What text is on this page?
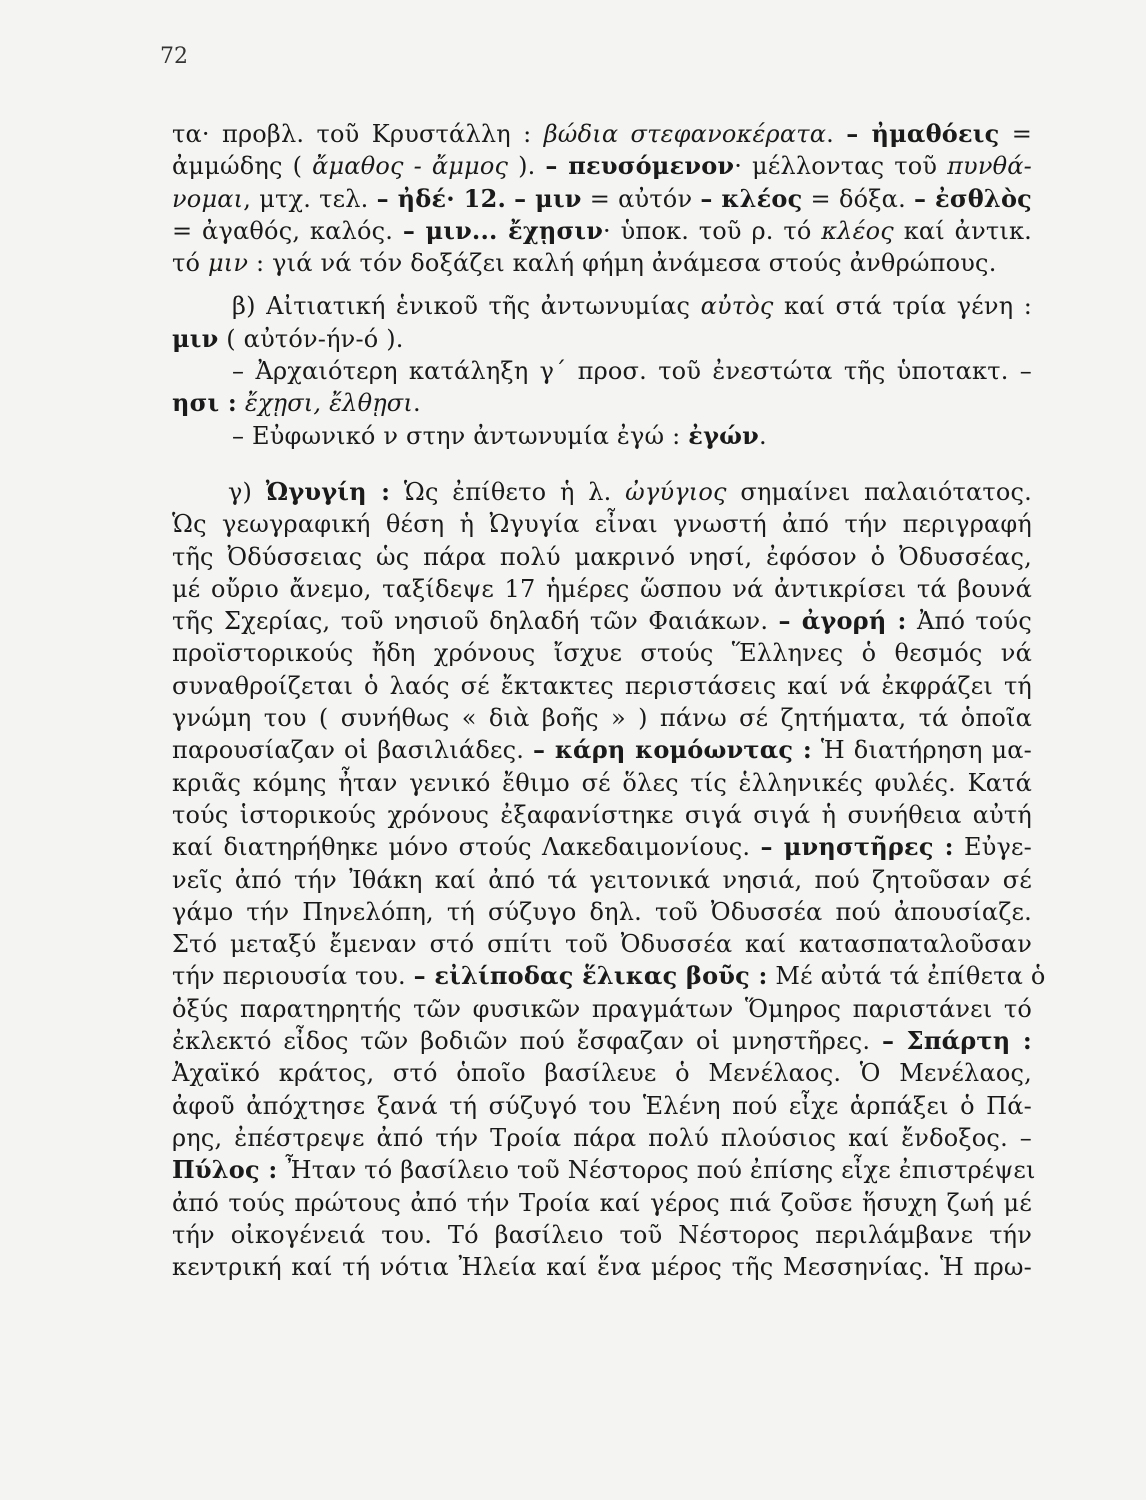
72
τα· προβλ. τοῦ Κρυστάλλη : βώδια στεφανοκέρατα. – ἠμαθόεις =
ἀμμώδης ( ἄμαθος - ἄμμος ). – πευσόμενον· μέλλοντας τοῦ πυνθά-
νομαι, μτχ. τελ. – ἠδέ· 12. – μιν = αὐτόν – κλέος = δόξα. – ἐσθλὸς
= ἀγαθός, καλός. – μιν... ἔχῃσιν· ὑποκ. τοῦ ρ. τό κλέος καί ἀντικ.
τό μιν : γιά νά τόν δοξάζει καλή φήμη ἀνάμεσα στούς ἀνθρώπους.
β) Αἰτιατική ἑνικοῦ τῆς ἀντωνυμίας αὐτὸς καί στά τρία γένη :
μιν ( αὐτόν-ήν-ό ).
– Ἀρχαιότερη κατάληξη γ΄ προσ. τοῦ ἐνεστώτα τῆς ὑποτακτ. –
ησι : ἔχῃσι, ἔλθῃσι.
– Εὐφωνικό ν στην ἀντωνυμία ἐγώ : ἐγών.
γ) Ὠγυγίη : Ὡς ἐπίθετο ἡ λ. ὠγύγιος σημαίνει παλαιότατος.
Ὡς γεωγραφική θέση ἡ Ὠγυγία εἶναι γνωστή ἀπό τήν περιγραφή
τῆς Ὀδύσσειας ὡς πάρα πολύ μακρινό νησί, ἐφόσον ὁ Ὀδυσσέας,
μέ οὔριο ἄνεμο, ταξίδεψε 17 ἡμέρες ὥσπου νά ἀντικρίσει τά βουνά
τῆς Σχερίας, τοῦ νησιοῦ δηλαδή τῶν Φαιάκων. – ἀγορή : Ἀπό τούς
προϊστορικούς ἤδη χρόνους ἴσχυε στούς Ἕλληνες ὁ θεσμός νά
συναθροίζεται ὁ λαός σέ ἔκτακτες περιστάσεις καί νά ἐκφράζει τή
γνώμη του ( συνήθως « διὰ βοῆς » ) πάνω σέ ζητήματα, τά ὁποῖα
παρουσίαζαν οἱ βασιλιάδες. – κάρη κομόωντας : Ἡ διατήρηση μα-
κριᾶς κόμης ἦταν γενικό ἔθιμο σέ ὅλες τίς ἑλληνικές φυλές. Κατά
τούς ἱστορικούς χρόνους ἐξαφανίστηκε σιγά σιγά ἡ συνήθεια αὐτή
καί διατηρήθηκε μόνο στούς Λακεδαιμονίους. – μνηστῆρες : Εὐγε-
νεῖς ἀπό τήν Ἰθάκη καί ἀπό τά γειτονικά νησιά, πού ζητοῦσαν σέ
γάμο τήν Πηνελόπη, τή σύζυγο δηλ. τοῦ Ὀδυσσέα πού ἀπουσίαζε.
Στό μεταξύ ἔμεναν στό σπίτι τοῦ Ὀδυσσέα καί κατασπαταλοῦσαν
τήν περιουσία του. – εἰλίποδας ἕλικας βοῦς : Μέ αὐτά τά ἐπίθετα ὁ
ὀξύς παρατηρητής τῶν φυσικῶν πραγμάτων Ὅμηρος παριστάνει τό
ἐκλεκτό εἶδος τῶν βοδιῶν πού ἔσφαζαν οἱ μνηστῆρες. – Σπάρτη :
Ἀχαϊκό κράτος, στό ὁποῖο βασίλευε ὁ Μενέλαος. Ὁ Μενέλαος,
ἀφοῦ ἀπόχτησε ξανά τή σύζυγό του Ἑλένη πού εἶχε ἁρπάξει ὁ Πά-
ρης, ἐπέστρεψε ἀπό τήν Τροία πάρα πολύ πλούσιος καί ἔνδοξος. –
Πύλος : Ἦταν τό βασίλειο τοῦ Νέστορος πού ἐπίσης εἶχε ἐπιστρέψει
ἀπό τούς πρώτους ἀπό τήν Τροία καί γέρος πιά ζοῦσε ἥσυχη ζωή μέ
τήν οἰκογένειά του. Τό βασίλειο τοῦ Νέστορος περιλάμβανε τήν
κεντρική καί τή νότια Ἠλεία καί ἕνα μέρος τῆς Μεσσηνίας. Ἡ πρω-
